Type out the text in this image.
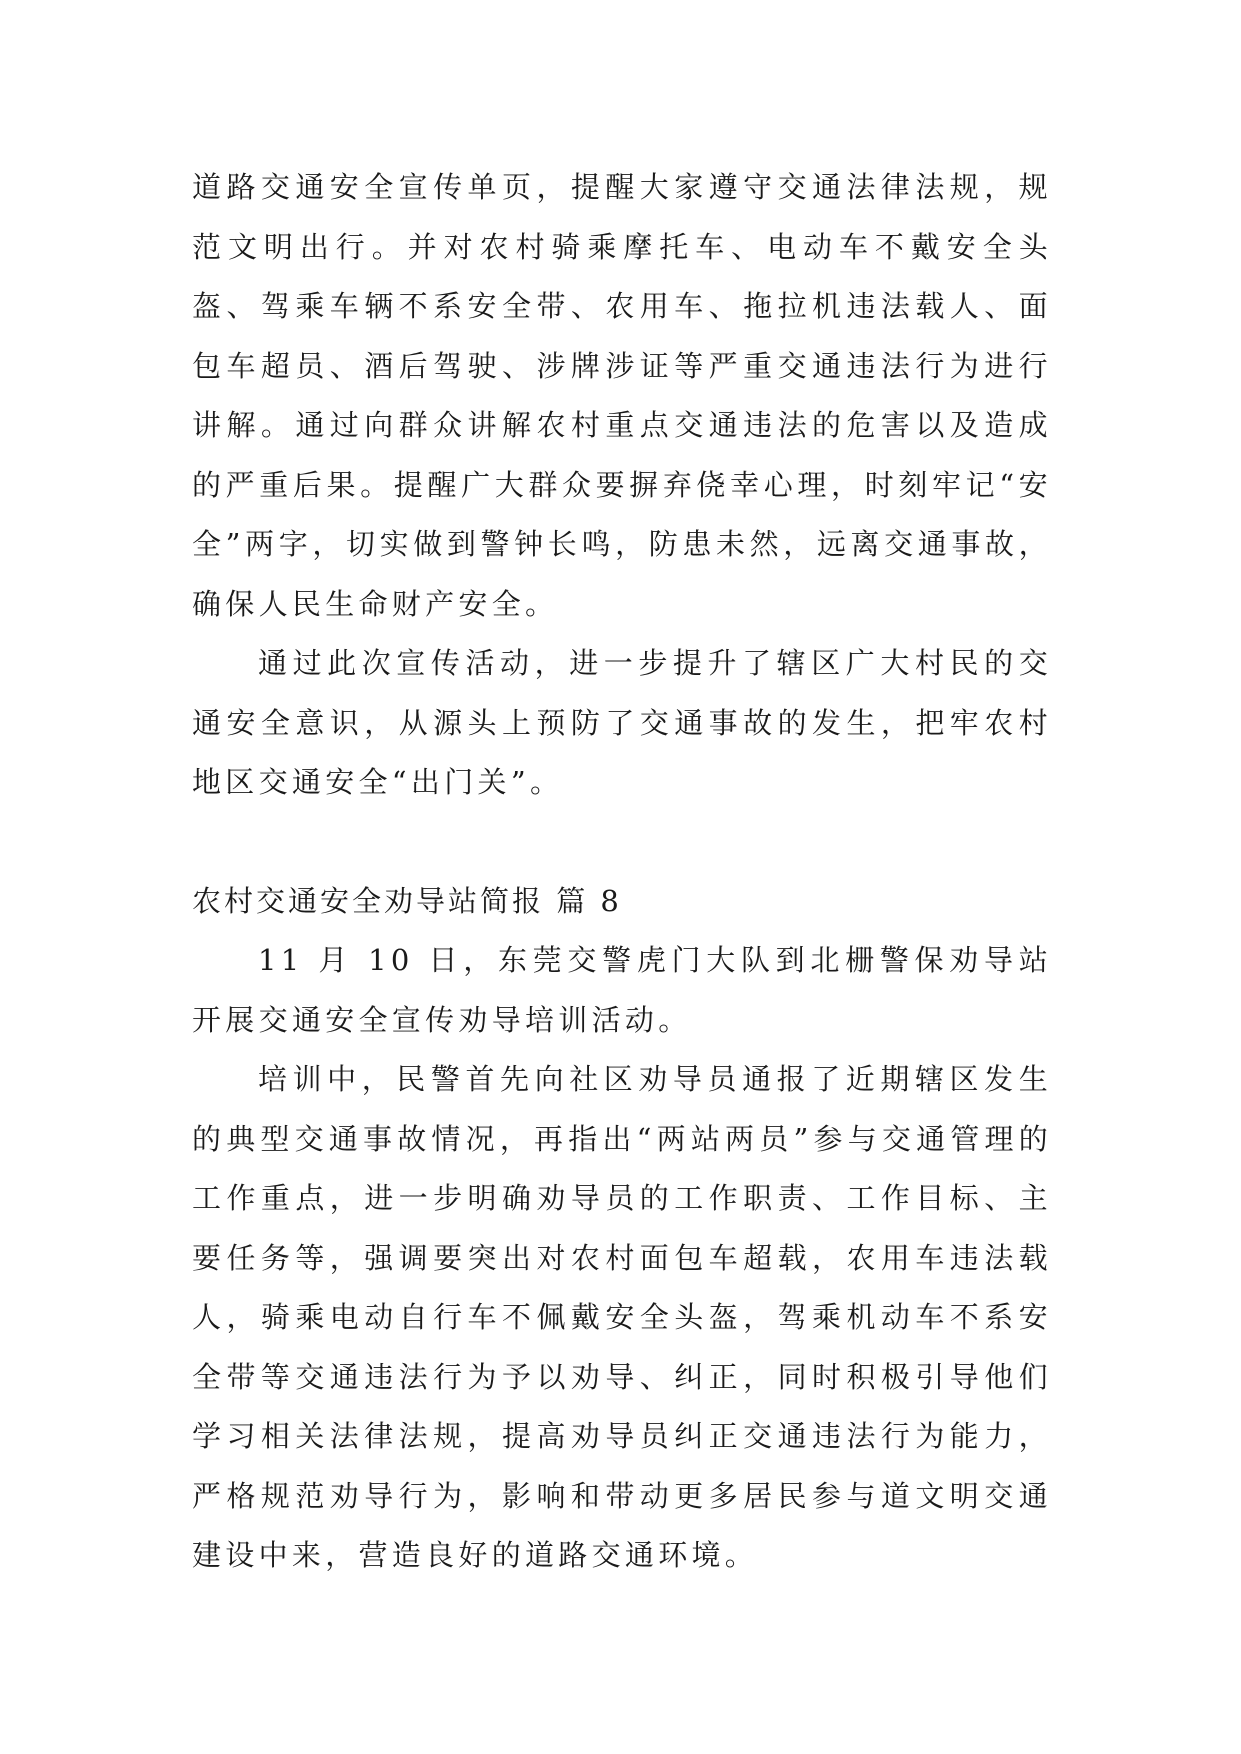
道路交通安全宣传单页，提醒大家遵守交通法律法规，规范文明出行。并对农村骑乘摩托车、电动车不戴安全头盔、驾乘车辆不系安全带、农用车、拖拉机违法载人、面包车超员、酒后驾驶、涉牌涉证等严重交通违法行为进行讲解。通过向群众讲解农村重点交通违法的危害以及造成的严重后果。提醒广大群众要摒弃侥幸心理，时刻牢记“安全”两字，切实做到警钟长鸣，防患未然，远离交通事故，确保人民生命财产安全。

通过此次宣传活动，进一步提升了辖区广大村民的交通安全意识，从源头上预防了交通事故的发生，把牢农村地区交通安全“出门关”。

农村交通安全劝导站简报 篇 8

11 月 10 日，东莞交警虎门大队到北栅警保劝导站开展交通安全宣传劝导培训活动。

培训中，民警首先向社区劝导员通报了近期辖区发生的典型交通事故情况，再指出“两站两员”参与交通管理的工作重点，进一步明确劝导员的工作职责、工作目标、主要任务等，强调要突出对农村面包车超载，农用车违法载人，骑乘电动自行车不佩戴安全头盔，驾乘机动车不系安全带等交通违法行为予以劝导、纠正，同时积极引导他们学习相关法律法规，提高劝导员纠正交通违法行为能力，严格规范劝导行为，影响和带动更多居民参与道文明交通建设中来，营造良好的道路交通环境。
